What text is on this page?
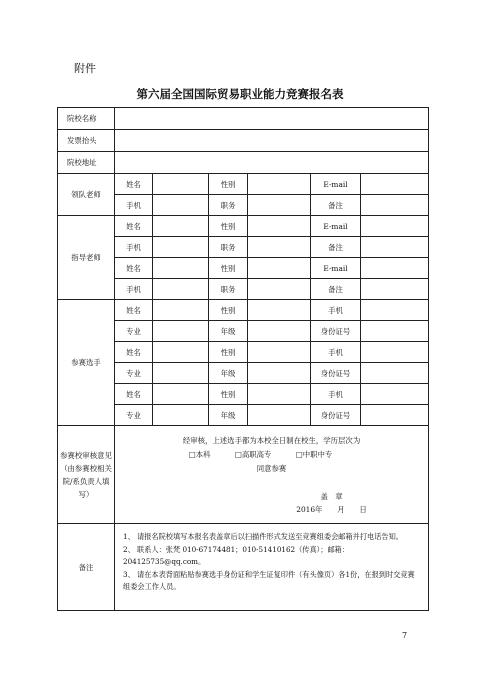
附件
第六届全国国际贸易职业能力竞赛报名表
院校名称						
发票抬头						
院校地址						
领队老师	姓名		性别		E-mail	
	手机		职务		备注	
指导老师	姓名		性别		E-mail	
	手机		职务		备注	
	姓名		性别		E-mail	
	手机		职务		备注	
参赛选手	姓名		性别		手机	
	专业		年级		身份证号	
	姓名		性别		手机	
	专业		年级		身份证号	
	姓名		性别		手机	
	专业		年级		身份证号	
参赛校审核意见（由参赛校相关院/系负责人填写）	经审核，上述选手都为本校全日制在校生，学历层次为
□本科 □高职高专 □中职中专
同意参赛
盖　章
2016年　　月　　日					

备注	1、 请报名院校填写本报名表盖章后以扫描件形式发送至竞赛组委会邮箱并打电话告知。
2、 联系人：张梵 010-67174481；010-51410162（传真）；邮箱：204125735@qq.com。
3、 请在本表背面粘贴参赛选手身份证和学生证复印件（有头像页）各1份，在报到时交竞赛组委会工作人员。					
7
